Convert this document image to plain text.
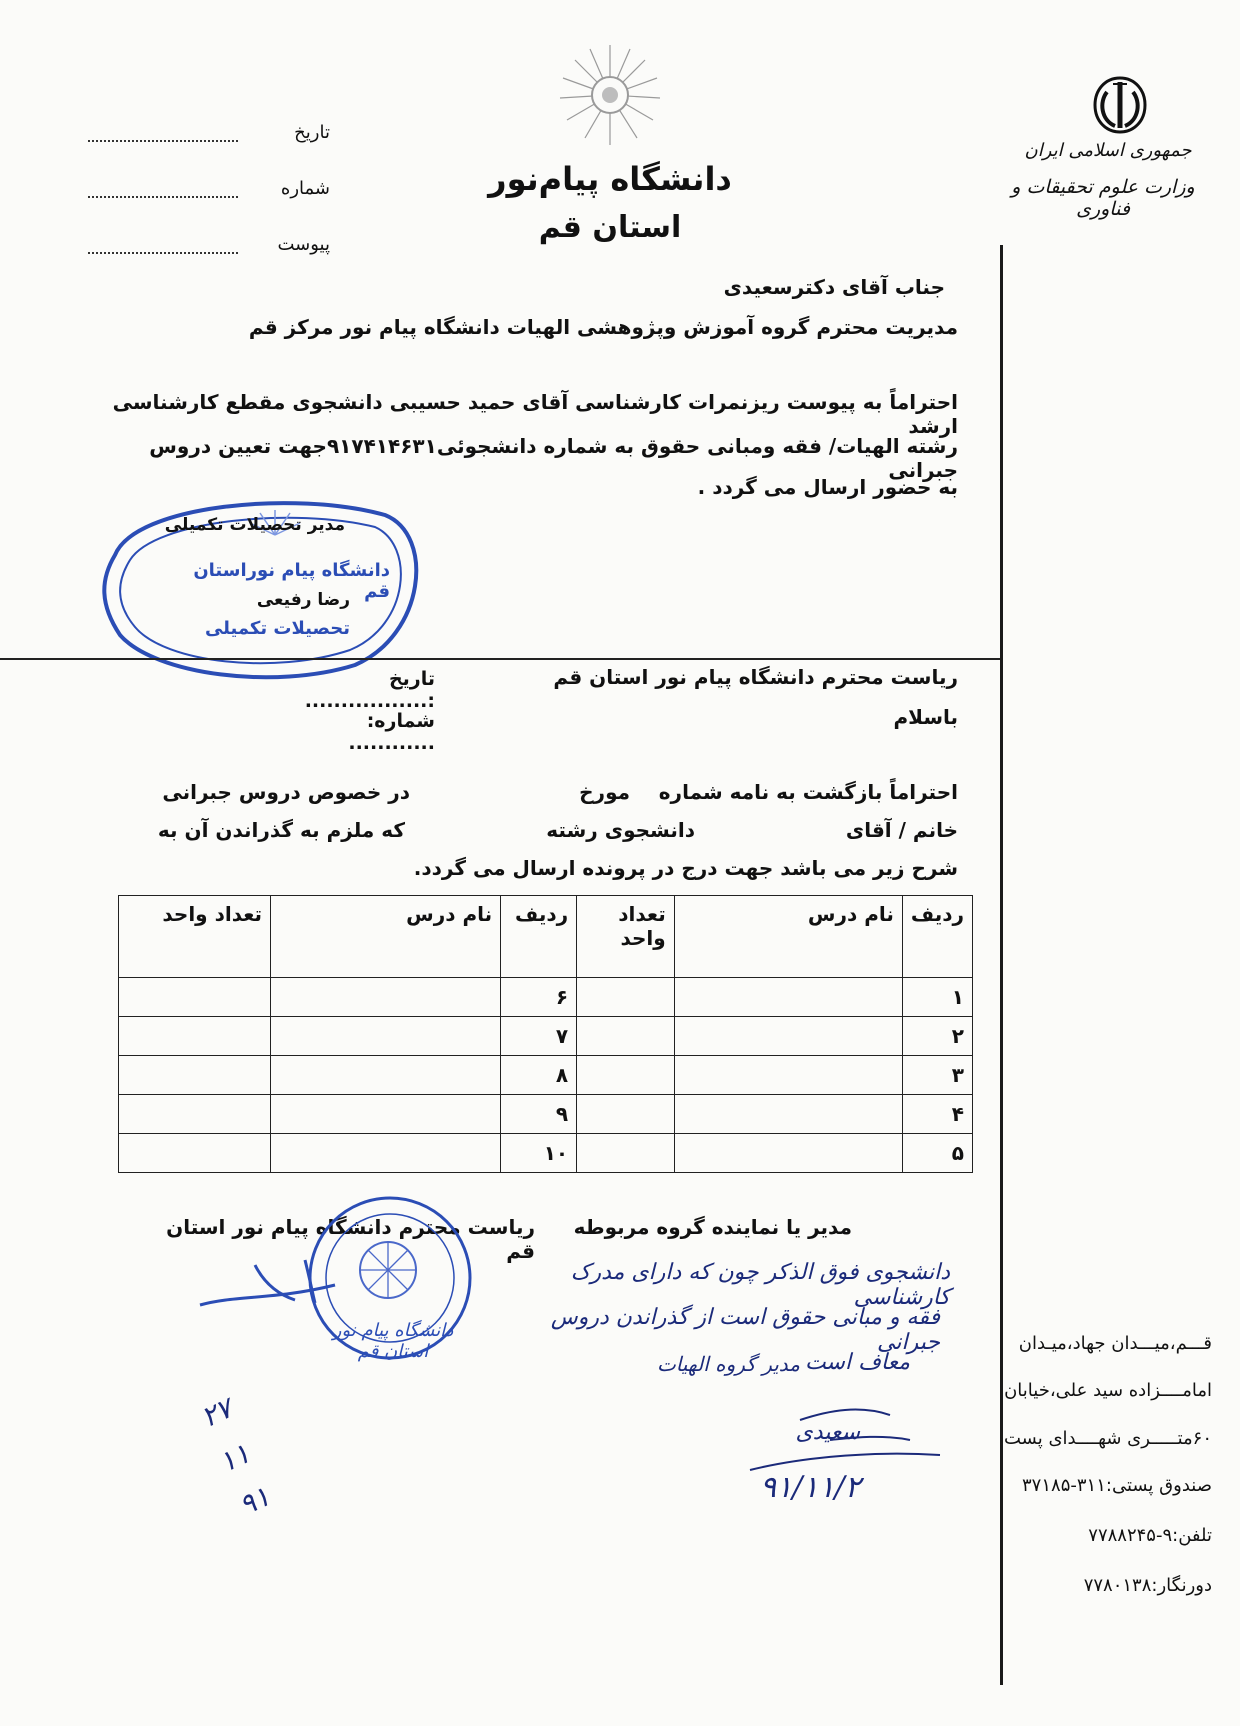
جمهوری اسلامی ایران
وزارت علوم تحقیقات و فناوری
دانشگاه پیام‌نور
استان قم
تاریخ
شماره
پیوست
جناب آقای دکترسعیدی
مدیریت محترم گروه آموزش وپژوهشی الهیات دانشگاه پیام نور مرکز قم
احتراماً به پیوست ریزنمرات کارشناسی آقای حمید حسیبی دانشجوی مقطع کارشناسی ارشد
رشته الهیات/ فقه ومبانی حقوق به شماره دانشجوئی۹۱۷۴۱۴۶۳۱جهت تعیین دروس جبرانی
به حضور ارسال می گردد .
مدیر تحصیلات تکمیلی
دانشگاه پیام نوراستان قم
رضا رفیعی
تحصیلات تکمیلی
ریاست محترم دانشگاه پیام نور استان قم
تاریخ :.................
شماره: ............
باسلام
احتراماً بازگشت به نامه شماره
مورخ
در خصوص دروس جبرانی
خانم / آقای
دانشجوی رشته
که ملزم به گذراندن آن به
شرح زیر می باشد جهت درج در پرونده ارسال می گردد.
ردیف	نام درس	تعداد واحد	ردیف	نام درس	تعداد واحد
۱			۶		
۲			۷		
۳			۸		
۴			۹		
۵			۱۰		
مدیر یا نماینده گروه مربوطه
ریاست محترم دانشگاه پیام نور استان قم
دانشگاه پیام نور استان قم
دانشجوی فوق الذکر چون که دارای مدرک کارشناسی
فقه و مبانی حقوق است از گذراندن دروس جبرانی
معاف است
مدیر گروه الهیات
سعیدی
۹۱/۱۱/۲
۲۷
۱۱
۹۱
قـــم،میـــدان جهاد،میـدان
امامــــزاده سید علی،خیابان
۶۰متـــــری شهــــدای پست
صندوق پستی:۳۱۱-۳۷۱۸۵
تلفن:۹-۷۷۸۸۲۴۵
دورنگار:۷۷۸۰۱۳۸
